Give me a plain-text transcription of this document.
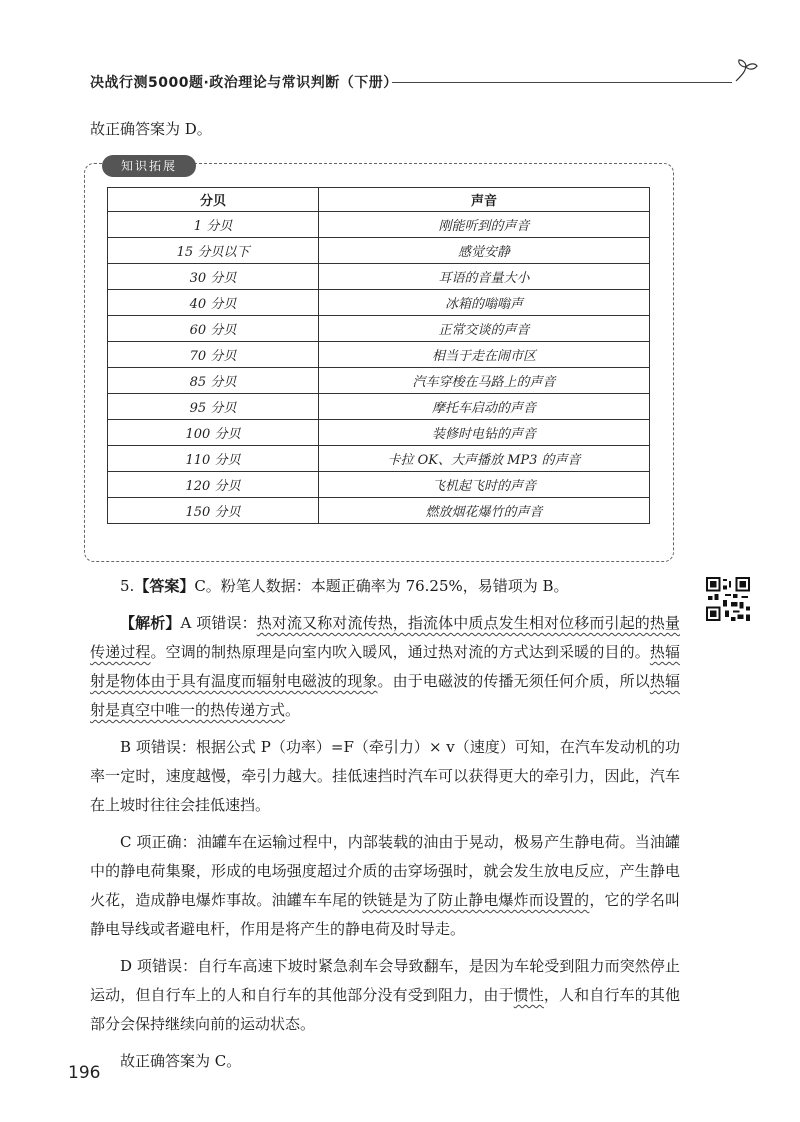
决战行测5000题·政治理论与常识判断（下册）
故正确答案为 D。
知识拓展
分贝	声音
1 分贝	刚能听到的声音
15 分贝以下	感觉安静
30 分贝	耳语的音量大小
40 分贝	冰箱的嗡嗡声
60 分贝	正常交谈的声音
70 分贝	相当于走在闹市区
85 分贝	汽车穿梭在马路上的声音
95 分贝	摩托车启动的声音
100 分贝	装修时电钻的声音
110 分贝	卡拉 OK、大声播放 MP3 的声音
120 分贝	飞机起飞时的声音
150 分贝	燃放烟花爆竹的声音

5.【答案】C。粉笔人数据：本题正确率为 76.25%，易错项为 B。

【解析】A 项错误：热对流又称对流传热，指流体中质点发生相对位移而引起的热量传递过程。空调的制热原理是向室内吹入暖风，通过热对流的方式达到采暖的目的。热辐射是物体由于具有温度而辐射电磁波的现象。由于电磁波的传播无须任何介质，所以热辐射是真空中唯一的热传递方式。

B 项错误：根据公式 P（功率）=F（牵引力）× v（速度）可知，在汽车发动机的功率一定时，速度越慢，牵引力越大。挂低速挡时汽车可以获得更大的牵引力，因此，汽车在上坡时往往会挂低速挡。

C 项正确：油罐车在运输过程中，内部装载的油由于晃动，极易产生静电荷。当油罐中的静电荷集聚，形成的电场强度超过介质的击穿场强时，就会发生放电反应，产生静电火花，造成静电爆炸事故。油罐车车尾的铁链是为了防止静电爆炸而设置的，它的学名叫静电导线或者避电杆，作用是将产生的静电荷及时导走。

D 项错误：自行车高速下坡时紧急刹车会导致翻车，是因为车轮受到阻力而突然停止运动，但自行车上的人和自行车的其他部分没有受到阻力，由于惯性，人和自行车的其他部分会保持继续向前的运动状态。

故正确答案为 C。

196
